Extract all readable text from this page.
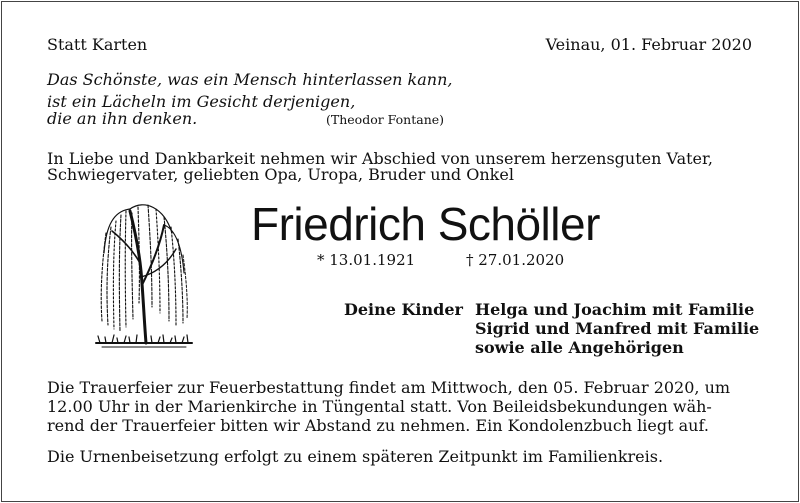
Statt Karten	Veinau, 01. Februar 2020
Das Schönste, was ein Mensch hinterlassen kann,
ist ein Lächeln im Gesicht derjenigen,
die an ihn denken.	(Theodor Fontane)
In Liebe und Dankbarkeit nehmen wir Abschied von unserem herzensguten Vater,
Schwiegervater, geliebten Opa, Uropa, Bruder und Onkel
Friedrich Schöller
* 13.01.1921	† 27.01.2020
Deine Kinder Helga und Joachim mit Familie
Sigrid und Manfred mit Familie
sowie alle Angehörigen
Die Trauerfeier zur Feuerbestattung findet am Mittwoch, den 05. Februar 2020, um
12.00 Uhr in der Marienkirche in Tüngental statt. Von Beileidsbekundungen wäh-
rend der Trauerfeier bitten wir Abstand zu nehmen. Ein Kondolenzbuch liegt auf.
Die Urnenbeisetzung erfolgt zu einem späteren Zeitpunkt im Familienkreis.
